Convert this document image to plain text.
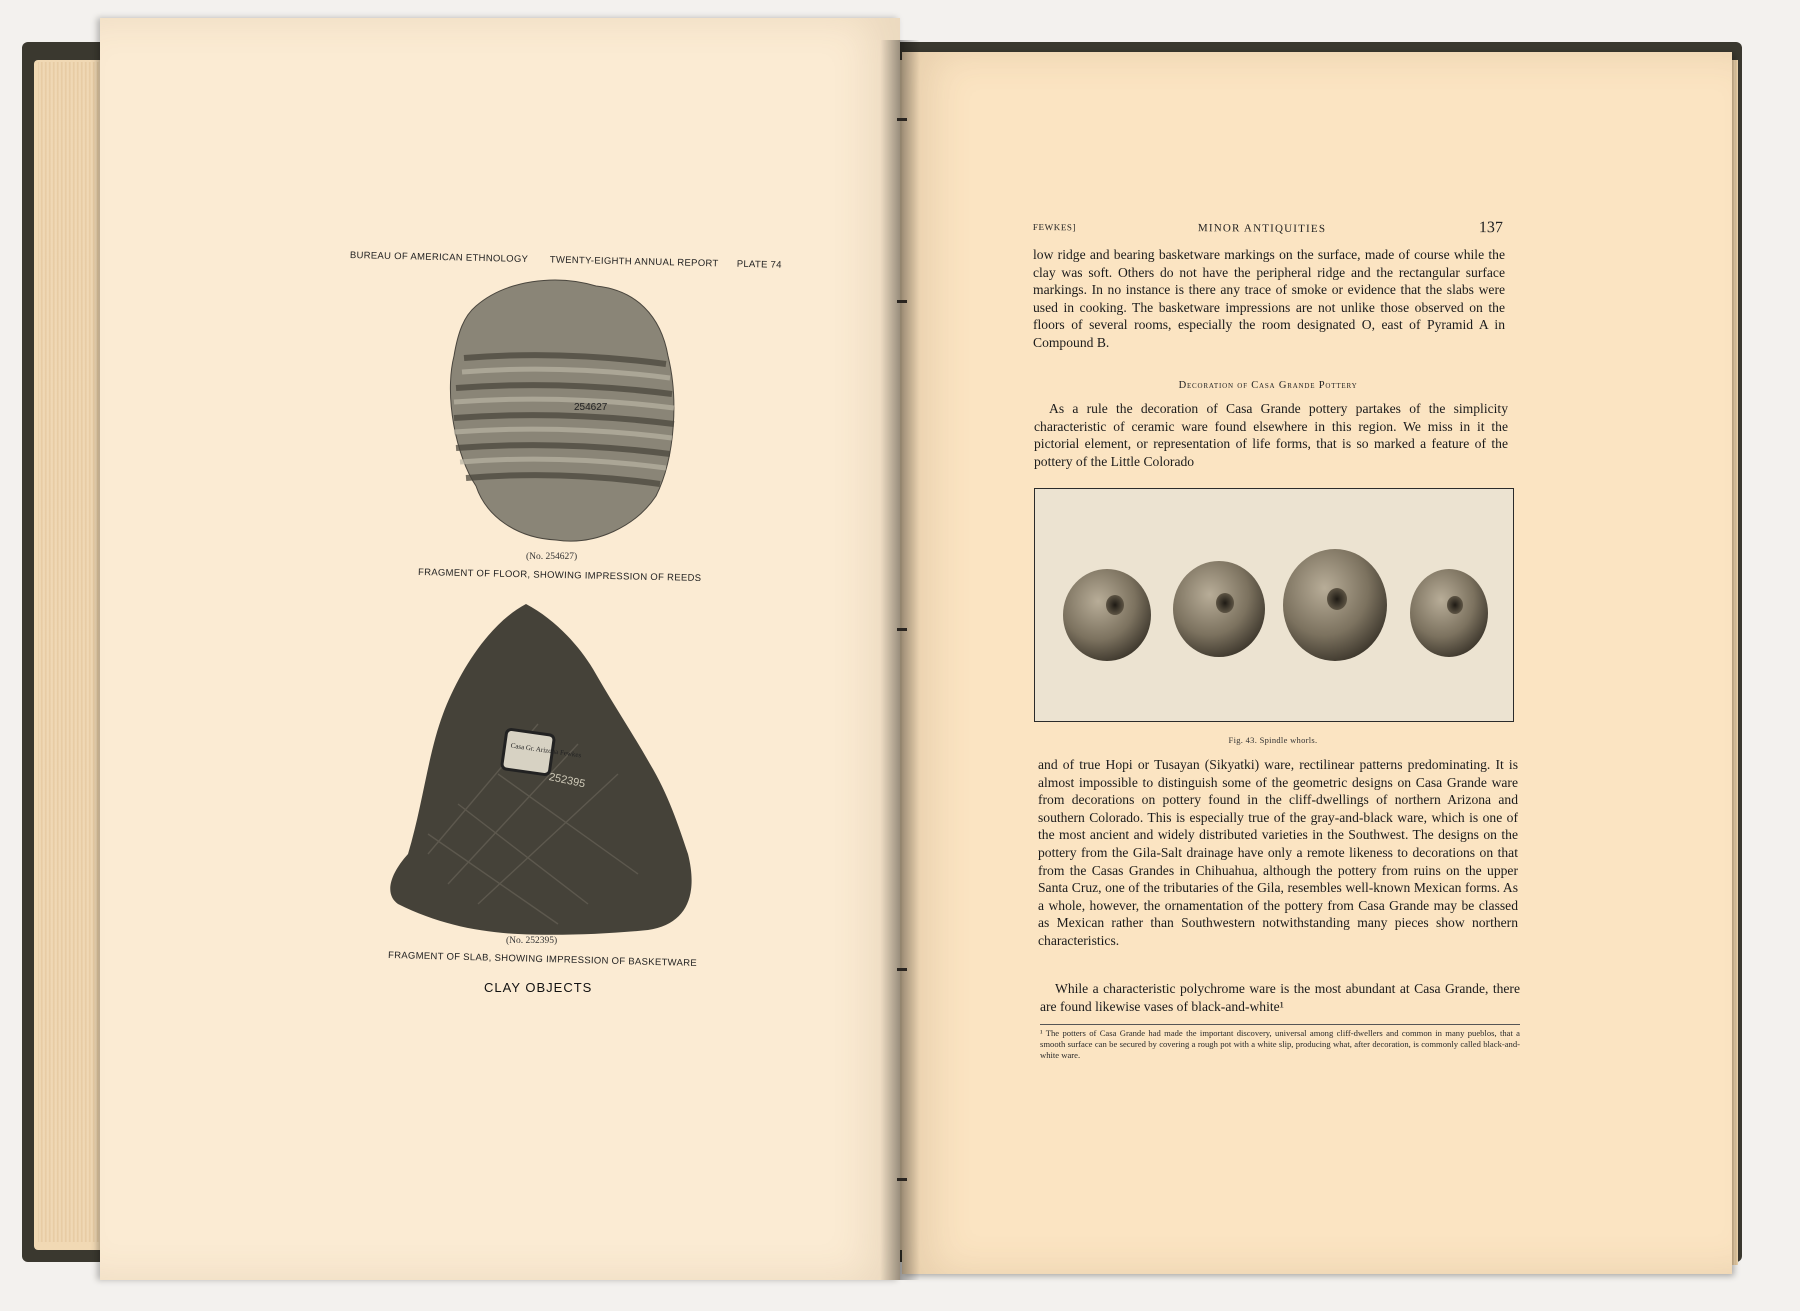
FEWKES]	MINOR ANTIQUITIES	137

low ridge and bearing basketware markings on the surface, made of course while the clay was soft. Others do not have the peripheral ridge and the rectangular surface markings. In no instance is there any trace of smoke or evidence that the slabs were used in cooking. The basketware impressions are not unlike those observed on the floors of several rooms, especially the room designated O, east of Pyramid A in Compound B.

Decoration of Casa Grande Pottery

As a rule the decoration of Casa Grande pottery partakes of the simplicity characteristic of ceramic ware found elsewhere in this region. We miss in it the pictorial element, or representation of life forms, that is so marked a feature of the pottery of the Little Colorado

Fig. 43. Spindle whorls.

and of true Hopi or Tusayan (Sikyatki) ware, rectilinear patterns predominating. It is almost impossible to distinguish some of the geometric designs on Casa Grande ware from decorations on pottery found in the cliff-dwellings of northern Arizona and southern Colorado. This is especially true of the gray-and-black ware, which is one of the most ancient and widely distributed varieties in the Southwest. The designs on the pottery from the Gila-Salt drainage have only a remote likeness to decorations on that from the Casas Grandes in Chihuahua, although the pottery from ruins on the upper Santa Cruz, one of the tributaries of the Gila, resembles well-known Mexican forms. As a whole, however, the ornamentation of the pottery from Casa Grande may be classed as Mexican rather than Southwestern notwithstanding many pieces show northern characteristics.

While a characteristic polychrome ware is the most abundant at Casa Grande, there are found likewise vases of black-and-white¹

¹ The potters of Casa Grande had made the important discovery, universal among cliff-dwellers and common in many pueblos, that a smooth surface can be secured by covering a rough pot with a white slip, producing what, after decoration, is commonly called black-and-white ware.

BUREAU OF AMERICAN ETHNOLOGY TWENTY-EIGHTH ANNUAL REPORT PLATE 74
254627
(No. 254627)
FRAGMENT OF FLOOR, SHOWING IMPRESSION OF REEDS
Casa Gr. Arizona Fewkes
252395
(No. 252395)
FRAGMENT OF SLAB, SHOWING IMPRESSION OF BASKETWARE
CLAY OBJECTS
